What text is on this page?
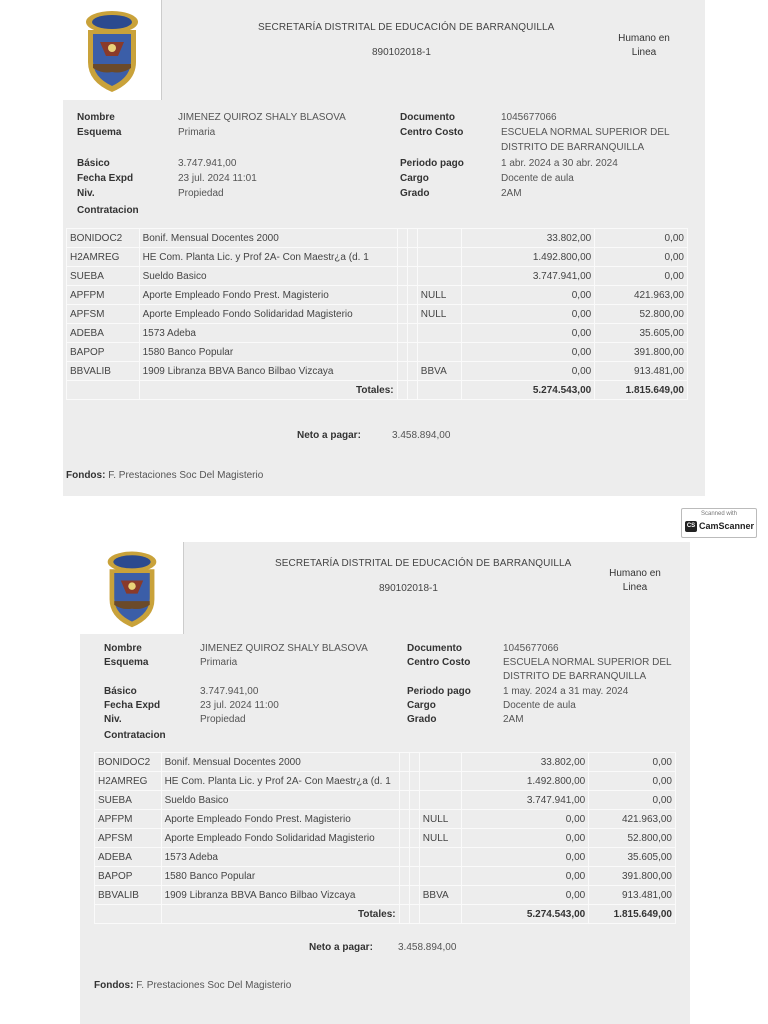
SECRETARÍA DISTRITAL DE EDUCACIÓN DE BARRANQUILLA
890102018-1
Humano en
Linea
Nombre	JIMENEZ QUIROZ SHALY BLASOVA
Esquema	Primaria
Básico	3.747.941,00
Fecha Expd	23 jul. 2024 11:01
Niv.	Propiedad
Contratacion
Documento	1045677066
Centro Costo	ESCUELA NORMAL SUPERIOR DEL
DISTRITO DE BARRANQUILLA
Periodo pago	1 abr. 2024 a 30 abr. 2024
Cargo	Docente de aula
Grado	2AM
BONIDOC2	Bonif. Mensual Docentes 2000				33.802,00	0,00
H2AMREG	HE Com. Planta Lic. y Prof 2A- Con Maestr¿a (d. 1				1.492.800,00	0,00
SUEBA	Sueldo Basico				3.747.941,00	0,00
APFPM	Aporte Empleado Fondo Prest. Magisterio			NULL	0,00	421.963,00
APFSM	Aporte Empleado Fondo Solidaridad Magisterio			NULL	0,00	52.800,00
ADEBA	1573 Adeba				0,00	35.605,00
BAPOP	1580 Banco Popular				0,00	391.800,00
BBVALIB	1909 Libranza BBVA Banco Bilbao Vizcaya			BBVA	0,00	913.481,00
	Totales:				5.274.543,00	1.815.649,00
Neto a pagar:	3.458.894,00
Fondos: F. Prestaciones Soc Del Magisterio
Scanned with
CS CamScanner
SECRETARÍA DISTRITAL DE EDUCACIÓN DE BARRANQUILLA
890102018-1
Humano en
Linea
Nombre	JIMENEZ QUIROZ SHALY BLASOVA
Esquema	Primaria
Básico	3.747.941,00
Fecha Expd	23 jul. 2024 11:00
Niv.	Propiedad
Contratacion
Documento	1045677066
Centro Costo	ESCUELA NORMAL SUPERIOR DEL
DISTRITO DE BARRANQUILLA
Periodo pago	1 may. 2024 a 31 may. 2024
Cargo	Docente de aula
Grado	2AM
BONIDOC2	Bonif. Mensual Docentes 2000				33.802,00	0,00
H2AMREG	HE Com. Planta Lic. y Prof 2A- Con Maestr¿a (d. 1				1.492.800,00	0,00
SUEBA	Sueldo Basico				3.747.941,00	0,00
APFPM	Aporte Empleado Fondo Prest. Magisterio			NULL	0,00	421.963,00
APFSM	Aporte Empleado Fondo Solidaridad Magisterio			NULL	0,00	52.800,00
ADEBA	1573 Adeba				0,00	35.605,00
BAPOP	1580 Banco Popular				0,00	391.800,00
BBVALIB	1909 Libranza BBVA Banco Bilbao Vizcaya			BBVA	0,00	913.481,00
	Totales:				5.274.543,00	1.815.649,00
Neto a pagar:	3.458.894,00
Fondos: F. Prestaciones Soc Del Magisterio
